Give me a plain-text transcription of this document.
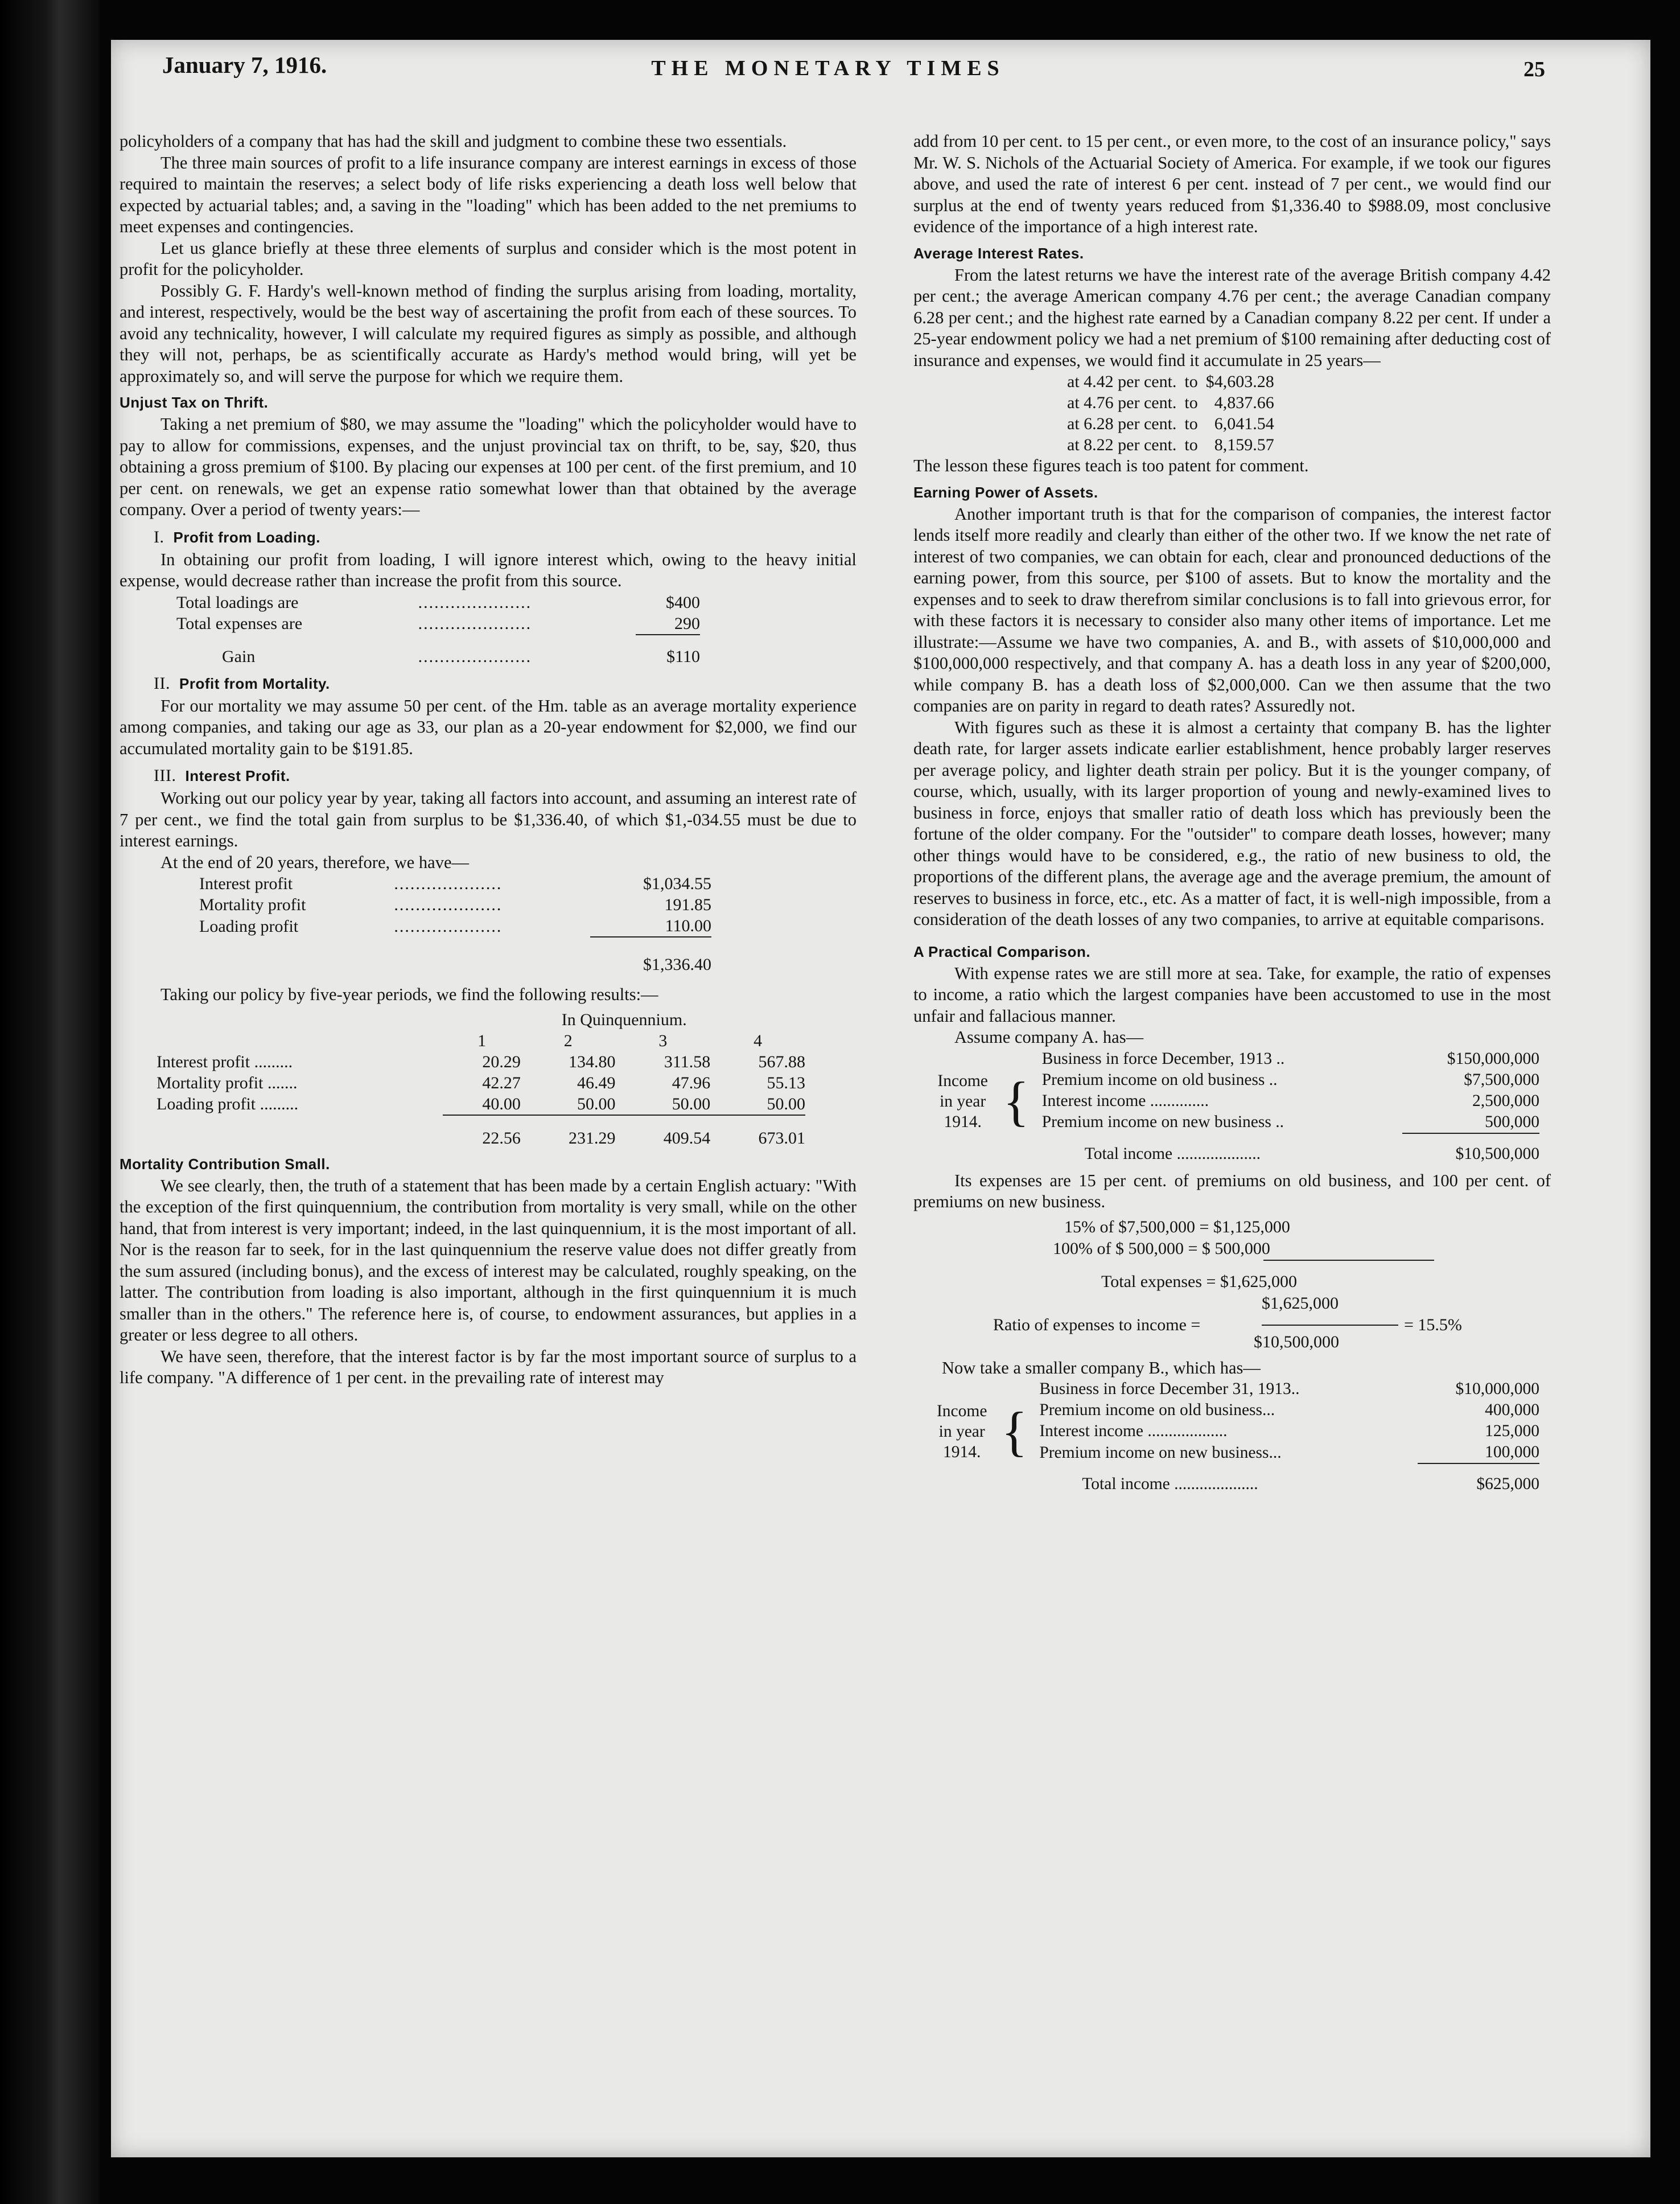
January 7, 1916.	THE MONETARY TIMES	25

policyholders of a company that has had the skill and judgment to combine these two essentials.

The three main sources of profit to a life insurance company are interest earnings in excess of those required to maintain the reserves; a select body of life risks experiencing a death loss well below that expected by actuarial tables; and, a saving in the "loading" which has been added to the net premiums to meet expenses and contingencies.

Let us glance briefly at these three elements of surplus and consider which is the most potent in profit for the policyholder.

Possibly G. F. Hardy's well-known method of finding the surplus arising from loading, mortality, and interest, respectively, would be the best way of ascertaining the profit from each of these sources. To avoid any technicality, however, I will calculate my required figures as simply as possible, and although they will not, perhaps, be as scientifically accurate as Hardy's method would bring, will yet be approximately so, and will serve the purpose for which we require them.

Unjust Tax on Thrift.

Taking a net premium of $80, we may assume the "loading" which the policyholder would have to pay to allow for commissions, expenses, and the unjust provincial tax on thrift, to be, say, $20, thus obtaining a gross premium of $100. By placing our expenses at 100 per cent. of the first premium, and 10 per cent. on renewals, we get an expense ratio somewhat lower than that obtained by the average company. Over a period of twenty years:—

I. Profit from Loading.

In obtaining our profit from loading, I will ignore interest which, owing to the heavy initial expense, would decrease rather than increase the profit from this source.

Total loadings are	.....................	$400
Total expenses are	.....................	290

Gain	.....................	$110
II. Profit from Mortality.

For our mortality we may assume 50 per cent. of the Hm. table as an average mortality experience among companies, and taking our age as 33, our plan as a 20-year endowment for $2,000, we find our accumulated mortality gain to be $191.85.

III. Interest Profit.

Working out our policy year by year, taking all factors into account, and assuming an interest rate of 7 per cent., we find the total gain from surplus to be $1,336.40, of which $1,-034.55 must be due to interest earnings.

At the end of 20 years, therefore, we have—

Interest profit	....................	$1,034.55
Mortality profit	....................	191.85
Loading profit	....................	110.00

		$1,336.40

Taking our policy by five-year periods, we find the following results:—

	In Quinquennium.			
	1	2	3	4
Interest profit .........	20.29	134.80	311.58	567.88
Mortality profit .......	42.27	46.49	47.96	55.13
Loading profit .........	40.00	50.00	50.00	50.00

	22.56	231.29	409.54	673.01
Mortality Contribution Small.

We see clearly, then, the truth of a statement that has been made by a certain English actuary: "With the exception of the first quinquennium, the contribution from mortality is very small, while on the other hand, that from interest is very important; indeed, in the last quinquennium, it is the most important of all. Nor is the reason far to seek, for in the last quinquennium the reserve value does not differ greatly from the sum assured (including bonus), and the excess of interest may be calculated, roughly speaking, on the latter. The contribution from loading is also important, although in the first quinquennium it is much smaller than in the others." The reference here is, of course, to endowment assurances, but applies in a greater or less degree to all others.

We have seen, therefore, that the interest factor is by far the most important source of surplus to a life company. "A difference of 1 per cent. in the prevailing rate of interest may

add from 10 per cent. to 15 per cent., or even more, to the cost of an insurance policy," says Mr. W. S. Nichols of the Actuarial Society of America. For example, if we took our figures above, and used the rate of interest 6 per cent. instead of 7 per cent., we would find our surplus at the end of twenty years reduced from $1,336.40 to $988.09, most conclusive evidence of the importance of a high interest rate.

Average Interest Rates.

From the latest returns we have the interest rate of the average British company 4.42 per cent.; the average American company 4.76 per cent.; the average Canadian company 6.28 per cent.; and the highest rate earned by a Canadian company 8.22 per cent. If under a 25-year endowment policy we had a net premium of $100 remaining after deducting cost of insurance and expenses, we would find it accumulate in 25 years—

at 4.42 per cent.	to	$4,603.28
at 4.76 per cent.	to	4,837.66
at 6.28 per cent.	to	6,041.54
at 8.22 per cent.	to	8,159.57

The lesson these figures teach is too patent for comment.

Earning Power of Assets.

Another important truth is that for the comparison of companies, the interest factor lends itself more readily and clearly than either of the other two. If we know the net rate of interest of two companies, we can obtain for each, clear and pronounced deductions of the earning power, from this source, per $100 of assets. But to know the mortality and the expenses and to seek to draw therefrom similar conclusions is to fall into grievous error, for with these factors it is necessary to consider also many other items of importance. Let me illustrate:—Assume we have two companies, A. and B., with assets of $10,000,000 and $100,000,000 respectively, and that company A. has a death loss in any year of $200,000, while company B. has a death loss of $2,000,000. Can we then assume that the two companies are on parity in regard to death rates? Assuredly not.

With figures such as these it is almost a certainty that company B. has the lighter death rate, for larger assets indicate earlier establishment, hence probably larger reserves per average policy, and lighter death strain per policy. But it is the younger company, of course, which, usually, with its larger proportion of young and newly-examined lives to business in force, enjoys that smaller ratio of death loss which has previously been the fortune of the older company. For the "outsider" to compare death losses, however; many other things would have to be considered, e.g., the ratio of new business to old, the proportions of the different plans, the average age and the average premium, the amount of reserves to business in force, etc., etc. As a matter of fact, it is well-nigh impossible, from a consideration of the death losses of any two companies, to arrive at equitable comparisons.

A Practical Comparison.

With expense rates we are still more at sea. Take, for example, the ratio of expenses to income, a ratio which the largest companies have been accustomed to use in the most unfair and fallacious manner.

Assume company A. has—

		Business in force December, 1913 ..	$150,000,000

Income
in year
1914.	{	Premium income on old business ..	$7,500,000
		Interest income ..............	2,500,000
		Premium income on new business ..	500,000

		Total income ....................	$10,500,000

Its expenses are 15 per cent. of premiums on old business, and 100 per cent. of premiums on new business.

15% of $7,500,000 = $1,125,000
100% of $ 500,000 = $ 500,000
Total expenses = $1,625,000
$1,625,000
Ratio of expenses to income =
$10,500,000
= 15.5%

Now take a smaller company B., which has—

		Business in force December 31, 1913..	$10,000,000

Income
in year
1914.	{	Premium income on old business...	400,000
		Interest income ...................	125,000
		Premium income on new business...	100,000

		Total income ....................	$625,000
